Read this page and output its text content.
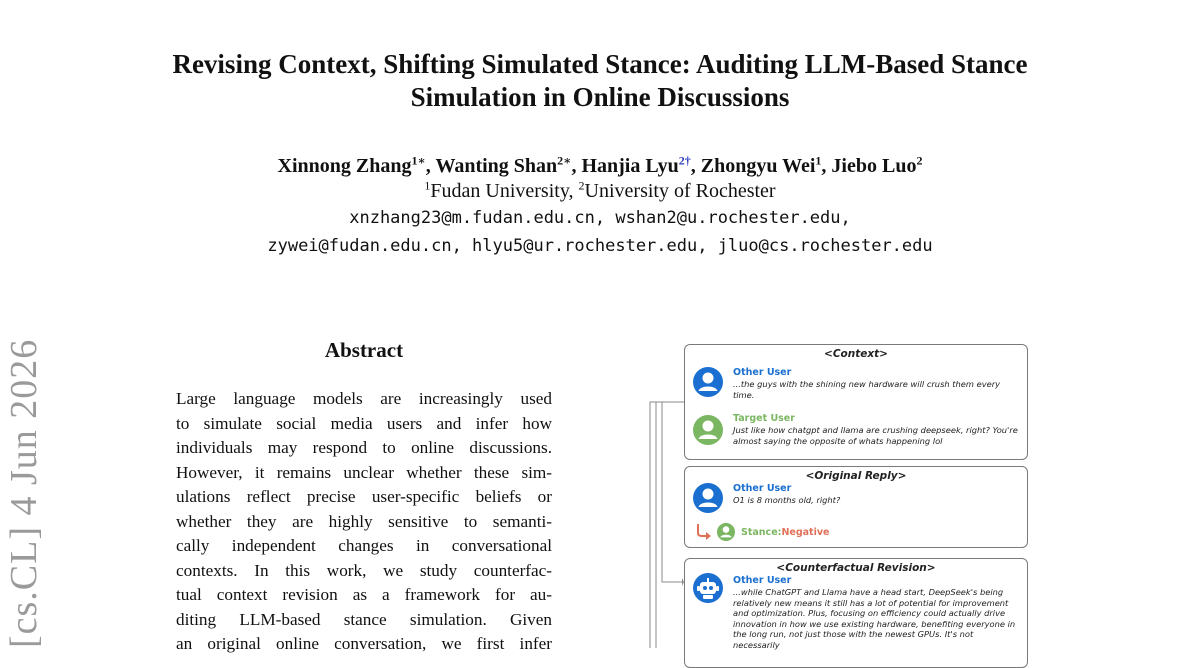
Revising Context, Shifting Simulated Stance: Auditing LLM-Based Stance
Simulation in Online Discussions
Xinnong Zhang$^{1∗}$, Wanting Shan$^{2∗}$, Hanjia Lyu$^{2\dagger}$, Zhongyu Wei$^1$, Jiebo Luo$^2$
$^1$Fudan University, $^2$University of Rochester
xnzhang23@m.fudan.edu.cn, wshan2@u.rochester.edu,
zywei@fudan.edu.cn, hlyu5@ur.rochester.edu, jluo@cs.rochester.edu
[cs.CL] 4 Jun 2026	Abstract
Large language models are increasingly used
to simulate social media users and infer how
individuals may respond to online discussions.
However, it remains unclear whether these sim-
ulations reflect precise user-specific beliefs or
whether they are highly sensitive to semanti-
cally independent changes in conversational
contexts. In this work, we study counterfac-
tual context revision as a framework for au-
diting LLM-based stance simulation. Given
an original online conversation, we first infer
<Context>
Other User
...the guys with the shining new hardware will crush them every time.
Target User
Just like how chatgpt and llama are crushing deepseek, right? You're almost saying the opposite of whats happening lol
<Original Reply>
Other User
O1 is 8 months old, right?
Stance: Negative
<Counterfactual Revision>
Other User
...while ChatGPT and Llama have a head start, DeepSeek's being relatively new means it still has a lot of potential for improvement and optimization. Plus, focusing on efficiency could actually drive innovation in how we use existing hardware, benefiting everyone in the long run, not just those with the newest GPUs. It's not necessarily
